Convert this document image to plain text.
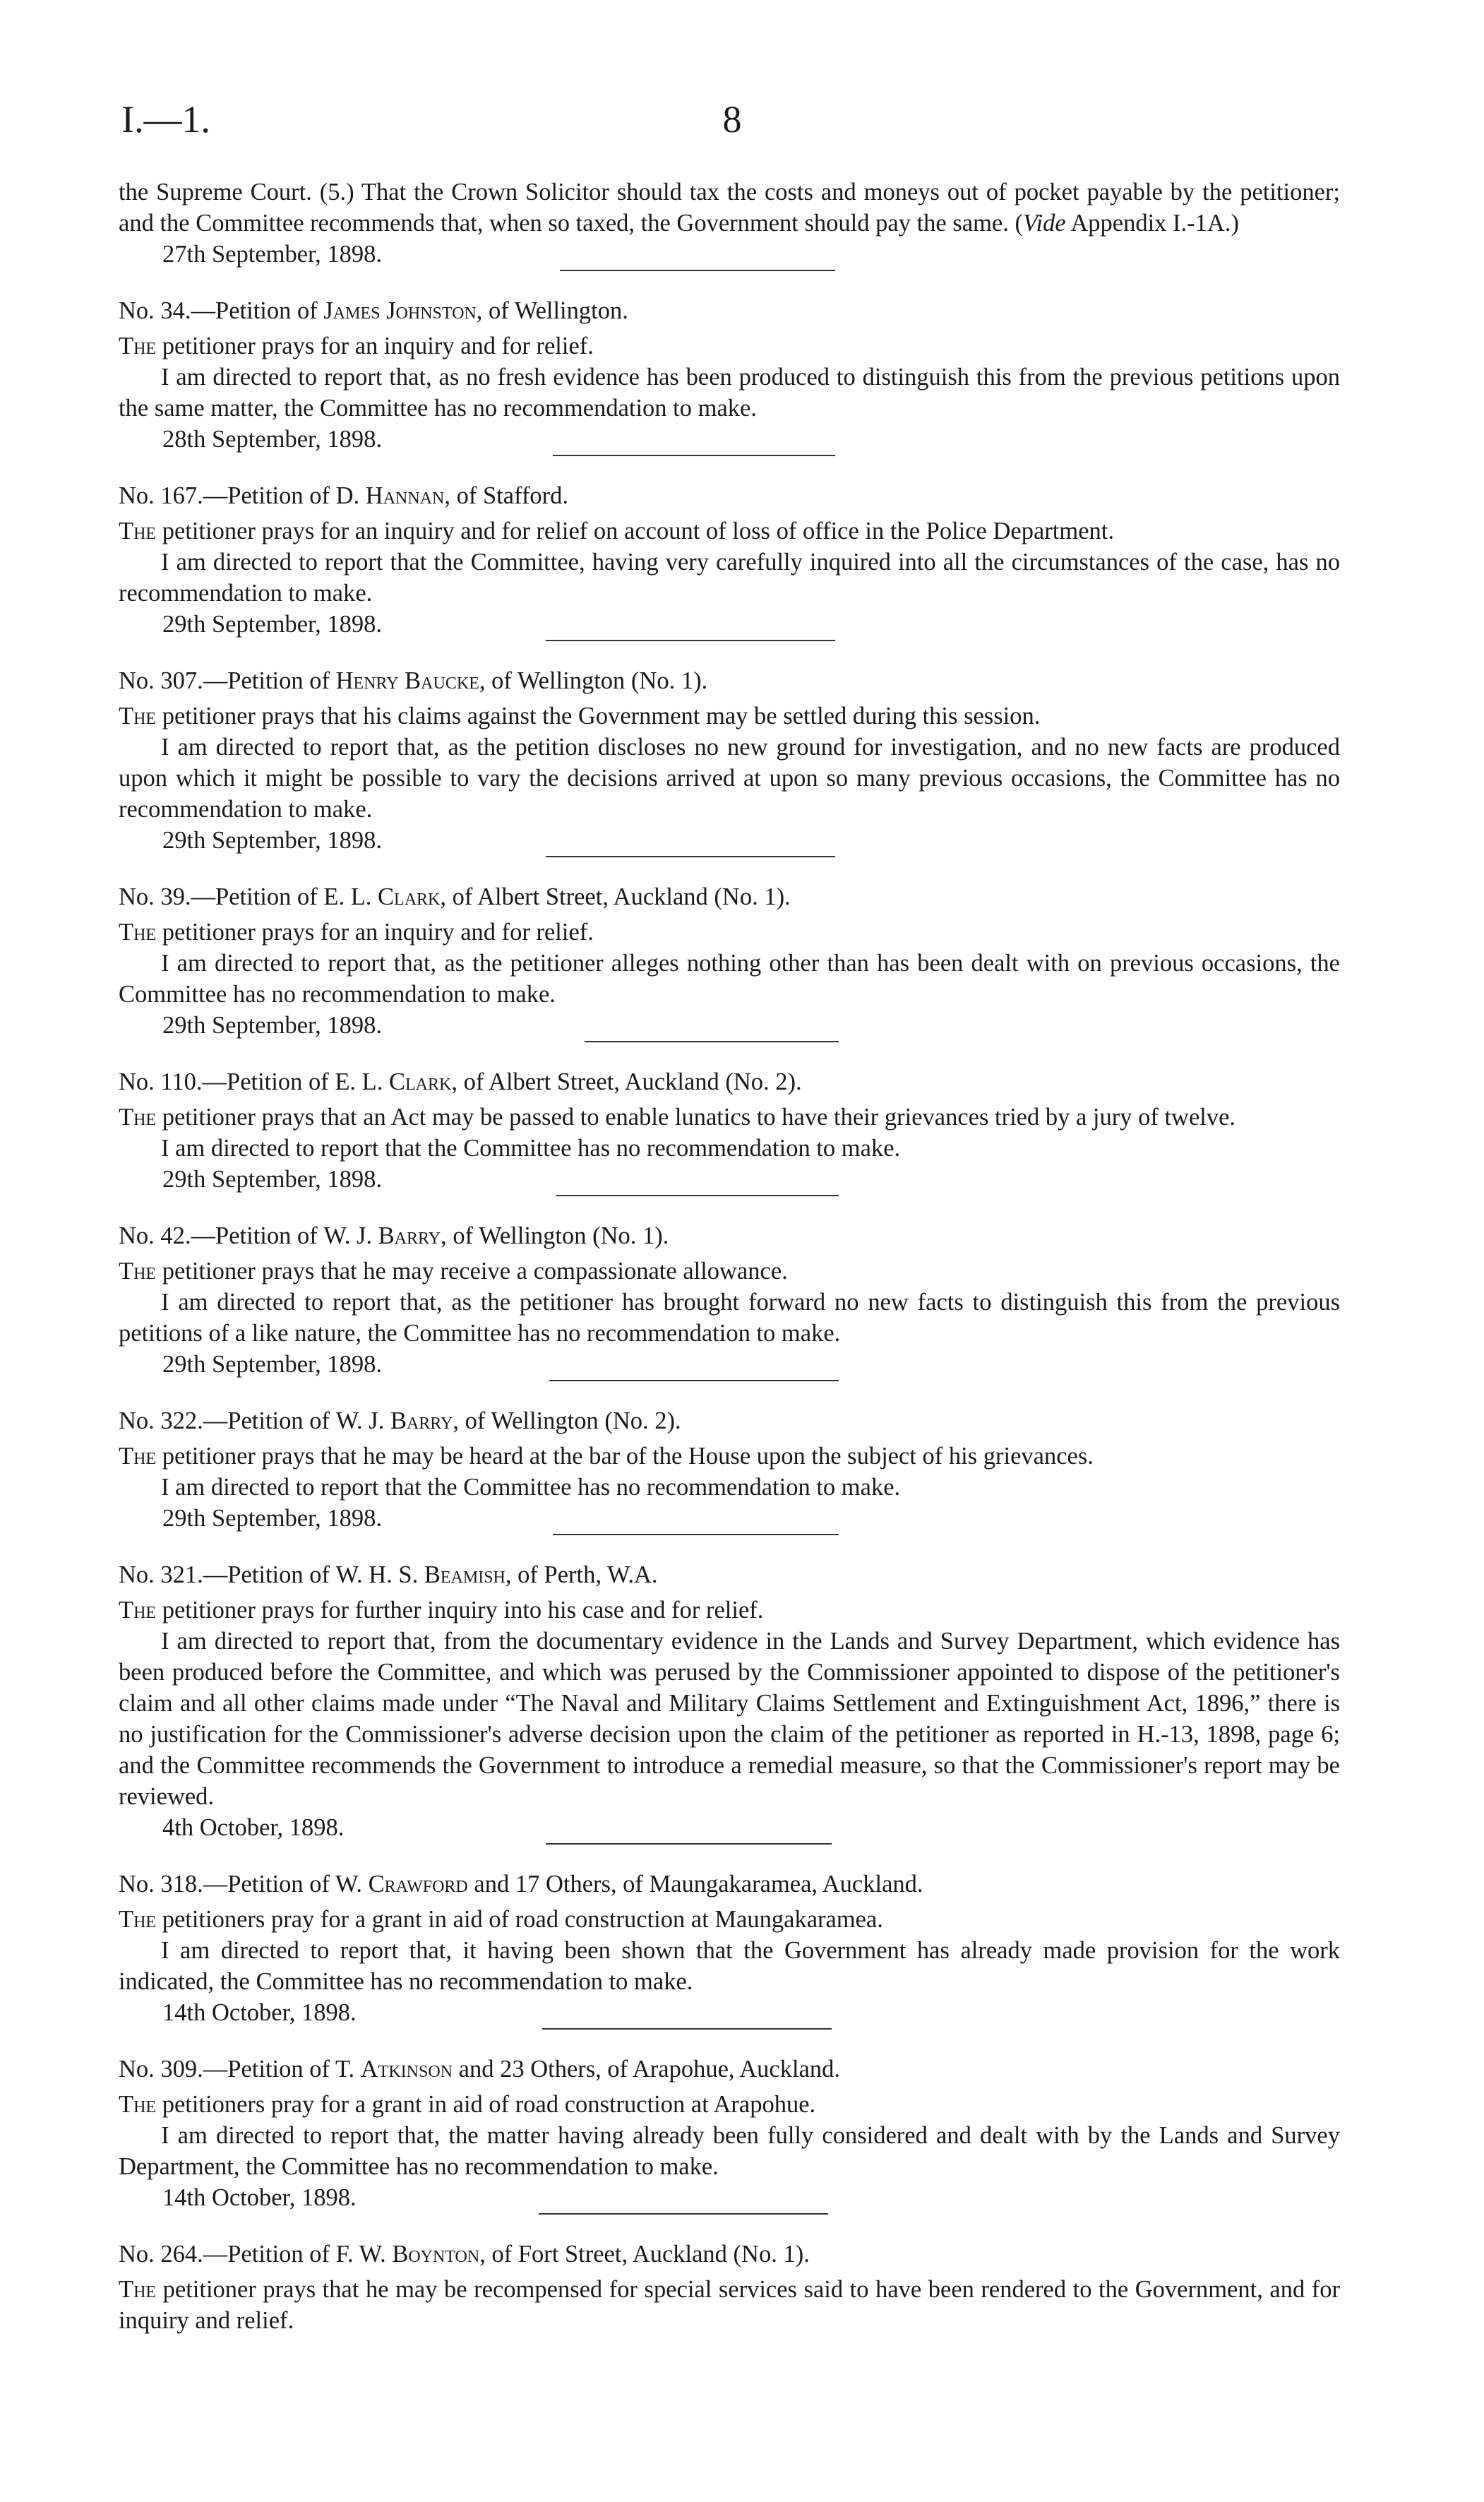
I.—1.	8

the Supreme Court. (5.) That the Crown Solicitor should tax the costs and moneys out of pocket payable by the petitioner; and the Committee recommends that, when so taxed, the Government should pay the same. (Vide Appendix I.-1A.)

27th September, 1898.

No. 34.—Petition of James Johnston, of Wellington.

The petitioner prays for an inquiry and for relief.

I am directed to report that, as no fresh evidence has been produced to distinguish this from the previous petitions upon the same matter, the Committee has no recommendation to make.

28th September, 1898.

No. 167.—Petition of D. Hannan, of Stafford.

The petitioner prays for an inquiry and for relief on account of loss of office in the Police Department.

I am directed to report that the Committee, having very carefully inquired into all the circumstances of the case, has no recommendation to make.

29th September, 1898.

No. 307.—Petition of Henry Baucke, of Wellington (No. 1).

The petitioner prays that his claims against the Government may be settled during this session.

I am directed to report that, as the petition discloses no new ground for investigation, and no new facts are produced upon which it might be possible to vary the decisions arrived at upon so many previous occasions, the Committee has no recommendation to make.

29th September, 1898.

No. 39.—Petition of E. L. Clark, of Albert Street, Auckland (No. 1).

The petitioner prays for an inquiry and for relief.

I am directed to report that, as the petitioner alleges nothing other than has been dealt with on previous occasions, the Committee has no recommendation to make.

29th September, 1898.

No. 110.—Petition of E. L. Clark, of Albert Street, Auckland (No. 2).

The petitioner prays that an Act may be passed to enable lunatics to have their grievances tried by a jury of twelve.

I am directed to report that the Committee has no recommendation to make.

29th September, 1898.

No. 42.—Petition of W. J. Barry, of Wellington (No. 1).

The petitioner prays that he may receive a compassionate allowance.

I am directed to report that, as the petitioner has brought forward no new facts to distinguish this from the previous petitions of a like nature, the Committee has no recommendation to make.

29th September, 1898.

No. 322.—Petition of W. J. Barry, of Wellington (No. 2).

The petitioner prays that he may be heard at the bar of the House upon the subject of his grievances.

I am directed to report that the Committee has no recommendation to make.

29th September, 1898.

No. 321.—Petition of W. H. S. Beamish, of Perth, W.A.

The petitioner prays for further inquiry into his case and for relief.

I am directed to report that, from the documentary evidence in the Lands and Survey Department, which evidence has been produced before the Committee, and which was perused by the Commissioner appointed to dispose of the petitioner's claim and all other claims made under “The Naval and Military Claims Settlement and Extinguishment Act, 1896,” there is no justification for the Commissioner's adverse decision upon the claim of the petitioner as reported in H.-13, 1898, page 6; and the Committee recommends the Government to introduce a remedial measure, so that the Commissioner's report may be reviewed.

4th October, 1898.

No. 318.—Petition of W. Crawford and 17 Others, of Maungakaramea, Auckland.

The petitioners pray for a grant in aid of road construction at Maungakaramea.

I am directed to report that, it having been shown that the Government has already made provision for the work indicated, the Committee has no recommendation to make.

14th October, 1898.

No. 309.—Petition of T. Atkinson and 23 Others, of Arapohue, Auckland.

The petitioners pray for a grant in aid of road construction at Arapohue.

I am directed to report that, the matter having already been fully considered and dealt with by the Lands and Survey Department, the Committee has no recommendation to make.

14th October, 1898.

No. 264.—Petition of F. W. Boynton, of Fort Street, Auckland (No. 1).

The petitioner prays that he may be recompensed for special services said to have been rendered to the Government, and for inquiry and relief.
